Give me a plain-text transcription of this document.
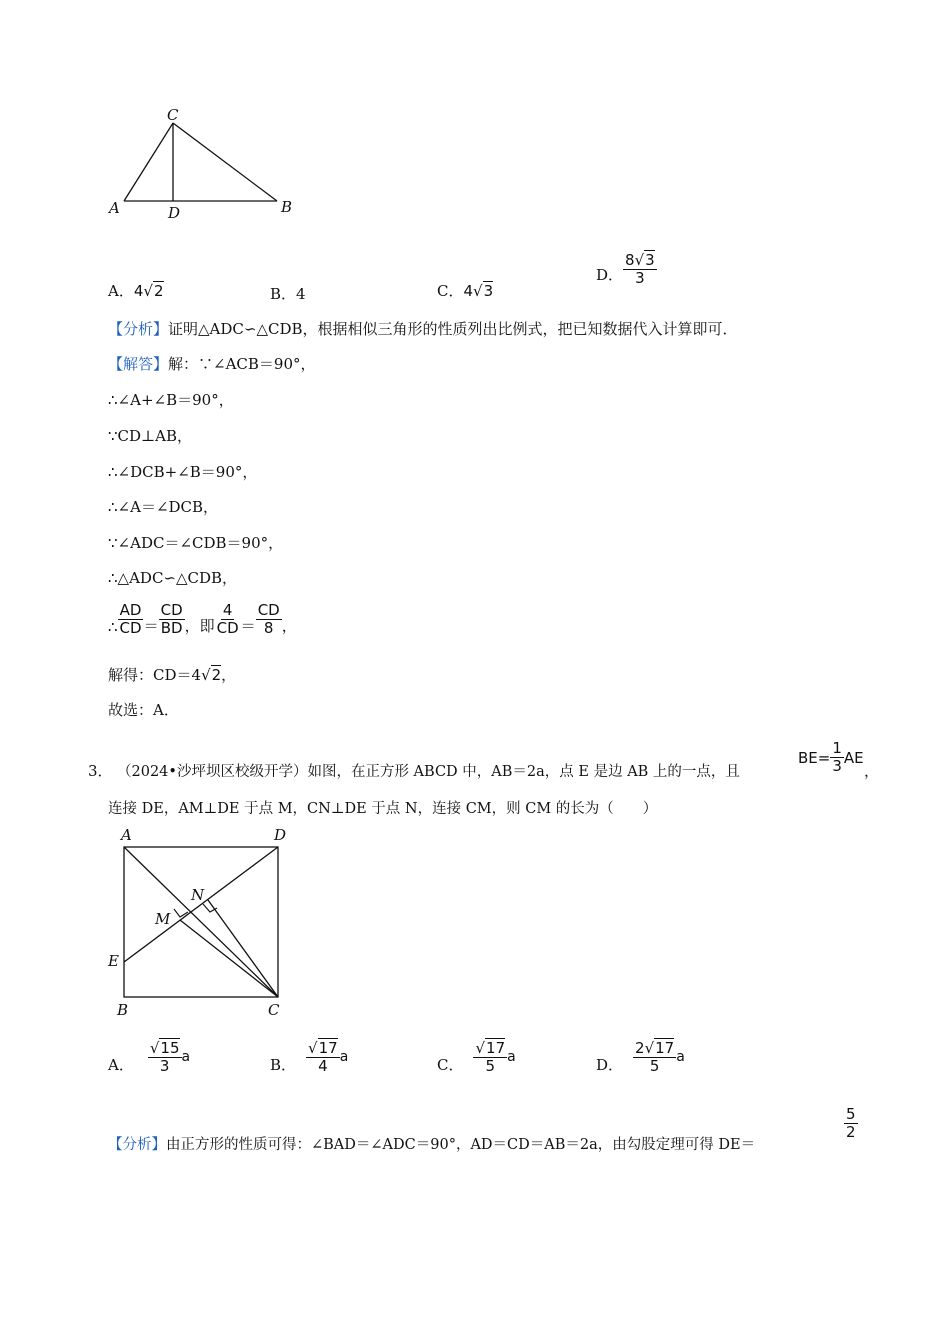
C
A	D	B
A．4√2	B．4	C．4√3
D． $\frac{8√3}{3}$
【分析】证明△ADC∽△CDB，根据相似三角形的性质列出比例式，把已知数据代入计算即可．
【解答】解：∵∠ACB＝90°，
∴∠A+∠B＝90°，
∵CD⊥AB，
∴∠DCB+∠B＝90°，
∴∠A＝∠DCB，
∵∠ADC＝∠CDB＝90°，
∴△ADC∽△CDB，
∴ $\frac{AD}{CD} = \frac{CD}{BD}$ ，即 $\frac{4}{CD} = \frac{CD}{8}$ ，
解得：CD＝4√2，
故选：A．
3． （2024•沙坪坝区校级开学）如图，在正方形 ABCD 中，AB＝2a，点 E 是边 AB 上的一点，且
$BE= \frac{1}{3}$ AE
，
连接 DE，AM⊥DE 于点 M，CN⊥DE 于点 N，连接 CM，则 CM 的长为（　　）
A	D
N
M
E
B	C
A． $\frac{√15}{3}$ a	B． $\frac{√17}{4}$ a	C． $\frac{√17}{5}$ a	D． $\frac{2√17}{5}$ a
【分析】由正方形的性质可得：∠BAD＝∠ADC＝90°，AD＝CD＝AB＝2a，由勾股定理可得 DE＝
$\frac{5}{2}$
